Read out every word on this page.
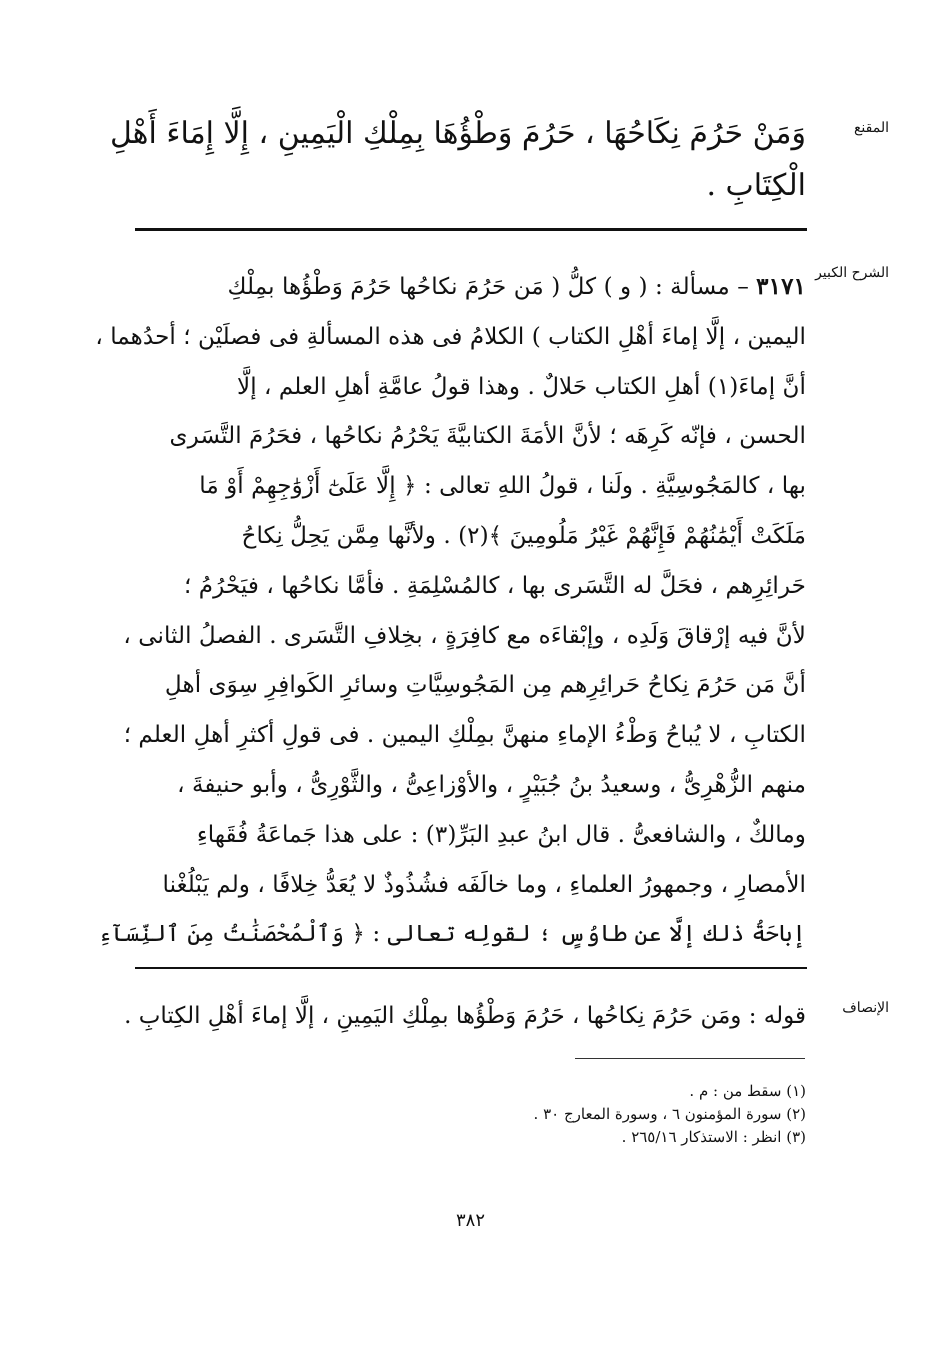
المقنع
وَمَنْ حَرُمَ نِكَاحُهَا ، حَرُمَ وَطْؤُهَا بِمِلْكِ الْيَمِينِ ، إِلَّا إِمَاءَ أَهْلِ
الْكِتَابِ .
الشرح الكبير
٣١٧١ – مسألة : ( و ) كلُّ ( مَن حَرُمَ نكاحُها حَرُمَ وَطْؤُها بمِلْكِ
اليمين ، إلَّا إماءَ أهْلِ الكتاب ) الكلامُ فى هذه المسألةِ فى فصلَيْن ؛ أحدُهما ،
أنَّ إماءَ(١) أهلِ الكتاب حَلالٌ . وهذا قولُ عامَّةِ أهلِ العلم ، إلَّا
الحسن ، فإنّه كَرِهَه ؛ لأنَّ الأمَةَ الكتابيَّةَ يَحْرُمُ نكاحُها ، فحَرُمَ التَّسَرى
بها ، كالمَجُوسِيَّةِ . ولَنا ، قولُ اللهِ تعالى : ﴿ إِلَّا عَلَىٰٓ أَزْوَٰجِهِمْ أَوْ مَا
مَلَكَتْ أَيْمَٰنُهُمْ فَإِنَّهُمْ غَيْرُ مَلُومِينَ ﴾(٢) . ولأنَّها مِمَّن يَحِلُّ نِكاحُ
حَرائِرِهم ، فحَلَّ له التَّسَرى بها ، كالمُسْلِمَةِ . فأمَّا نكاحُها ، فيَحْرُمُ ؛
لأنَّ فيه إرْقاقَ وَلَدِه ، وإبْقاءَه مع كافِرَةٍ ، بخِلافِ التَّسَرى . الفصلُ الثانى ،
أنَّ مَن حَرُمَ نِكاحُ حَرائِرِهم مِن المَجُوسِيَّاتِ وسائرِ الكَوافِرِ سِوَى أهلِ
الكتابِ ، لا يُباحُ وَطْءُ الإماءِ منهنَّ بمِلْكِ اليمين . فى قولِ أكثرِ أهلِ العلم ؛
منهم الزُّهْرِىُّ ، وسعيدُ بنُ جُبَيْرٍ ، والأوْزاعِىُّ ، والثَّوْرِىُّ ، وأبو حنيفةَ ،
ومالكٌ ، والشافعىُّ . قال ابنُ عبدِ البَرِّ(٣) : على هذا جَماعَةُ فُقَهاءِ
الأمصارِ ، وجمهورُ العلماءِ ، وما خالَفَه فشُذُوذٌ لا يُعَدُّ خِلافًا ، ولم يَبْلُغْنا
إباحَةُ ذلك إلَّا عن طاوُسٍ ؛ لقولِه تعالى : ﴿ وَٱلْمُحْصَنَٰتُ مِنَ ٱلنِّسَآءِ
الإنصاف
قوله : ومَن حَرُمَ نِكاحُها ، حَرُمَ وَطْؤُها بمِلْكِ اليَمِينِ ، إلَّا إماءَ أهْلِ الكِتابِ .
(١) سقط من : م .
(٢) سورة المؤمنون ٦ ، وسورة المعارج ٣٠ .
(٣) انظر : الاستذكار ٢٦٥/١٦ .
٣٨٢
